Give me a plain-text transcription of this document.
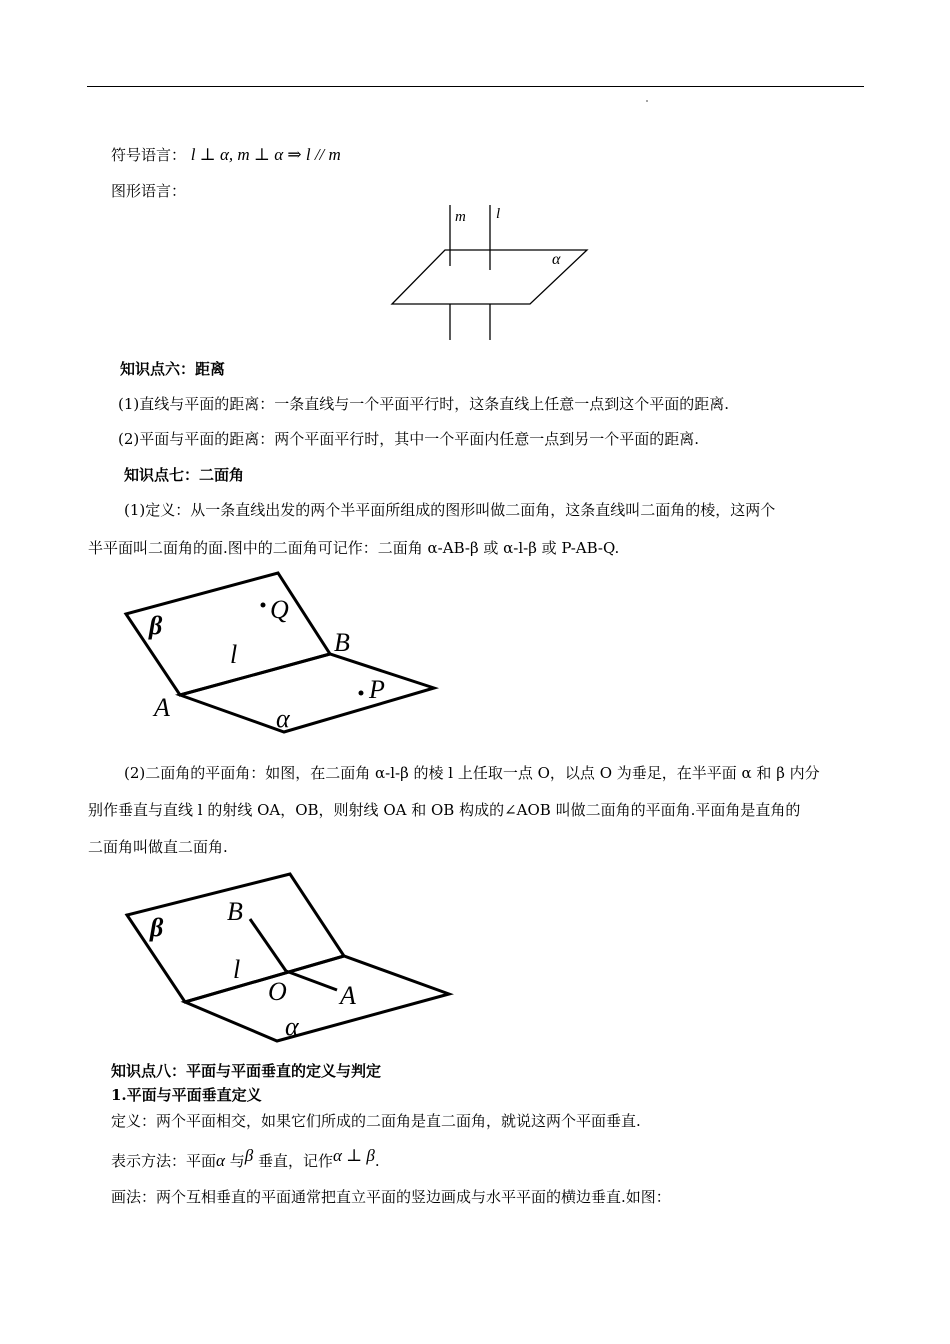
符号语言： l ⊥ α, m ⊥ α ⇒ l // m
图形语言：
m l
α
知识点六：距离
(1)直线与平面的距离：一条直线与一个平面平行时，这条直线上任意一点到这个平面的距离.
(2)平面与平面的距离：两个平面平行时，其中一个平面内任意一点到另一个平面的距离.
知识点七：二面角
(1)定义：从一条直线出发的两个半平面所组成的图形叫做二面角，这条直线叫二面角的棱，这两个
半平面叫二面角的面.图中的二面角可记作：二面角 α-AB-β 或 α-l-β 或 P-AB-Q.
β
Q
l	B
P
A	α
(2)二面角的平面角：如图，在二面角 α-l-β 的棱 l 上任取一点 O，以点 O 为垂足，在半平面 α 和 β 内分
别作垂直与直线 l 的射线 OA，OB，则射线 OA 和 OB 构成的∠AOB 叫做二面角的平面角.平面角是直角的
二面角叫做直二面角.
β
B
l
O A
α
知识点八：平面与平面垂直的定义与判定
1.平面与平面垂直定义
定义：两个平面相交，如果它们所成的二面角是直二面角，就说这两个平面垂直.
表示方法：平面α 与β 垂直，记作α ⊥ β.
画法：两个互相垂直的平面通常把直立平面的竖边画成与水平平面的横边垂直.如图：
